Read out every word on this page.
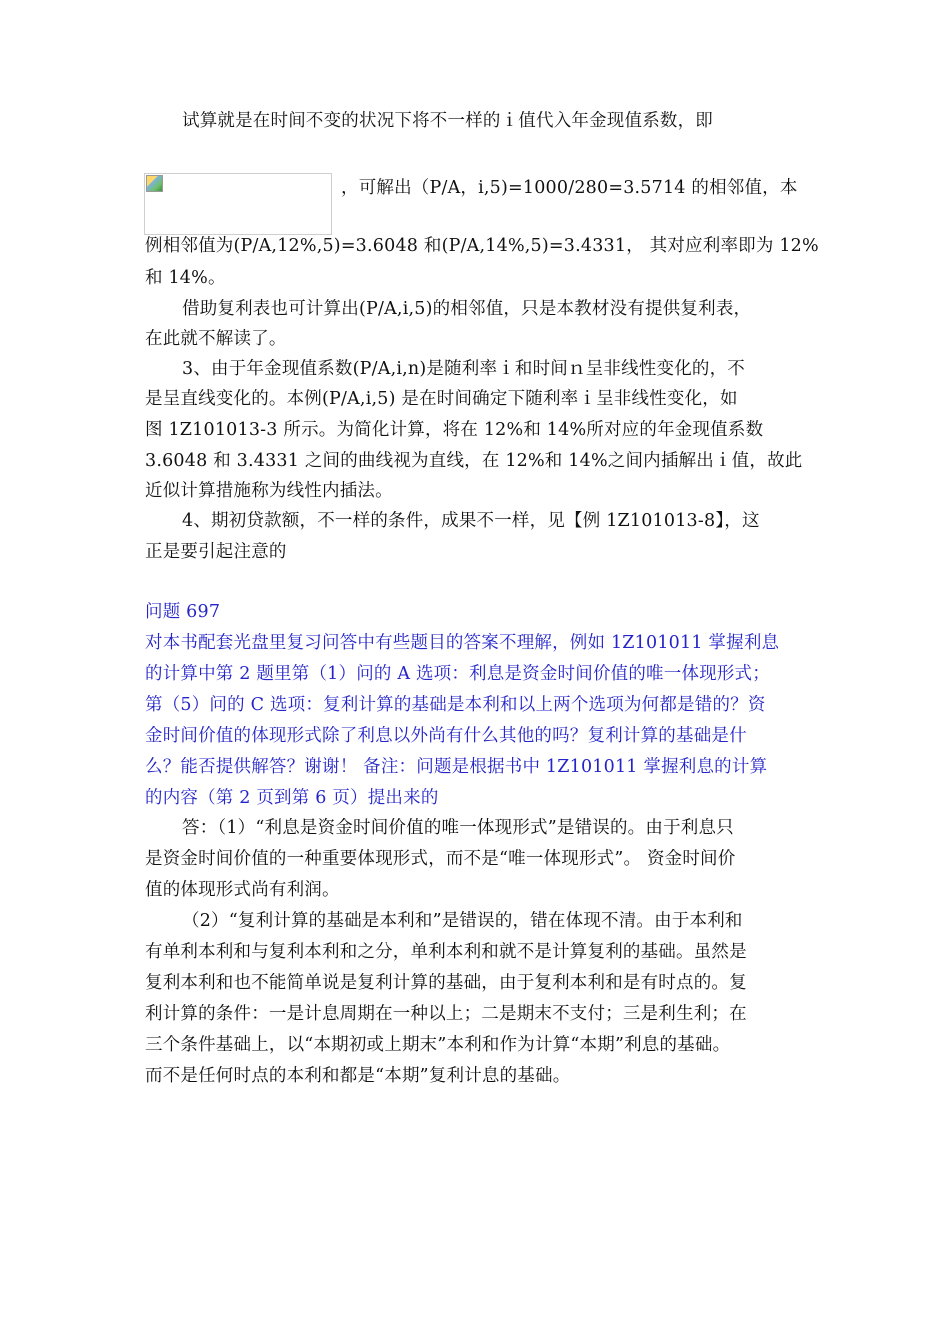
试算就是在时间不变的状况下将不一样的ｉ值代入年金现值系数，即
，可解出（P/A，i,5)=1000/280=3.5714 的相邻值，本
例相邻值为(P/A,12%,5)=3.6048 和(P/A,14%,5)=3.4331， 其对应利率即为 12%
和 14%。
借助复利表也可计算出(P/A,i,5)的相邻值，只是本教材没有提供复利表，
在此就不解读了。
3、由于年金现值系数(P/A,i,n)是随利率ｉ和时间ｎ呈非线性变化的，不
是呈直线变化的。本例(P/A,i,5) 是在时间确定下随利率ｉ呈非线性变化，如
图 1Z101013-3 所示。为简化计算，将在 12%和 14%所对应的年金现值系数
3.6048 和 3.4331 之间的曲线视为直线，在 12%和 14%之间内插解出ｉ值，故此
近似计算措施称为线性内插法。
4、期初贷款额，不一样的条件，成果不一样，见【例 1Z101013-8】，这
正是要引起注意的
问题 697
对本书配套光盘里复习问答中有些题目的答案不理解，例如 1Z101011 掌握利息
的计算中第 2 题里第（1）问的 A 选项：利息是资金时间价值的唯一体现形式；
第（5）问的 C 选项：复利计算的基础是本利和以上两个选项为何都是错的？资
金时间价值的体现形式除了利息以外尚有什么其他的吗？复利计算的基础是什
么？能否提供解答？谢谢！ 备注：问题是根据书中 1Z101011 掌握利息的计算
的内容（第 2 页到第 6 页）提出来的
答：（1）“利息是资金时间价值的唯一体现形式”是错误的。由于利息只
是资金时间价值的一种重要体现形式，而不是“唯一体现形式”。 资金时间价
值的体现形式尚有利润。
（2）“复利计算的基础是本利和”是错误的，错在体现不清。由于本利和
有单利本利和与复利本利和之分，单利本利和就不是计算复利的基础。虽然是
复利本利和也不能简单说是复利计算的基础，由于复利本利和是有时点的。复
利计算的条件：一是计息周期在一种以上；二是期末不支付；三是利生利；在
三个条件基础上，以“本期初或上期末”本利和作为计算“本期”利息的基础。
而不是任何时点的本利和都是“本期”复利计息的基础。
